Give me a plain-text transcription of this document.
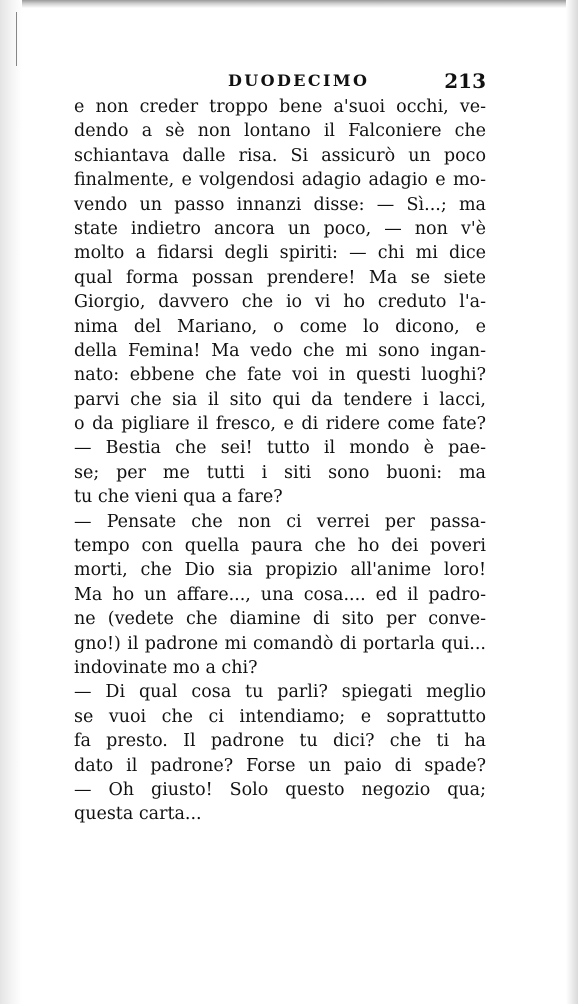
DUODECIMO	213
e non creder troppo bene a'suoi occhi, ve-
dendo a sè non lontano il Falconiere che
schiantava dalle risa. Si assicurò un poco
finalmente, e volgendosi adagio adagio e mo-
vendo un passo innanzi disse: — Sì...; ma
state indietro ancora un poco, — non v'è
molto a fidarsi degli spiriti: — chi mi dice
qual forma possan prendere! Ma se siete
Giorgio, davvero che io vi ho creduto l'a-
nima del Mariano, o come lo dicono, e
della Femina! Ma vedo che mi sono ingan-
nato: ebbene che fate voi in questi luoghi?
parvi che sia il sito qui da tendere i lacci,
o da pigliare il fresco, e di ridere come fate?
— Bestia che sei! tutto il mondo è pae-
se; per me tutti i siti sono buoni: ma
tu che vieni qua a fare?
— Pensate che non ci verrei per passa-
tempo con quella paura che ho dei poveri
morti, che Dio sia propizio all'anime loro!
Ma ho un affare..., una cosa.... ed il padro-
ne (vedete che diamine di sito per conve-
gno!) il padrone mi comandò di portarla qui...
indovinate mo a chi?
— Di qual cosa tu parli? spiegati meglio
se vuoi che ci intendiamo; e soprattutto
fa presto. Il padrone tu dici? che ti ha
dato il padrone? Forse un paio di spade?
— Oh giusto! Solo questo negozio qua;
questa carta...
